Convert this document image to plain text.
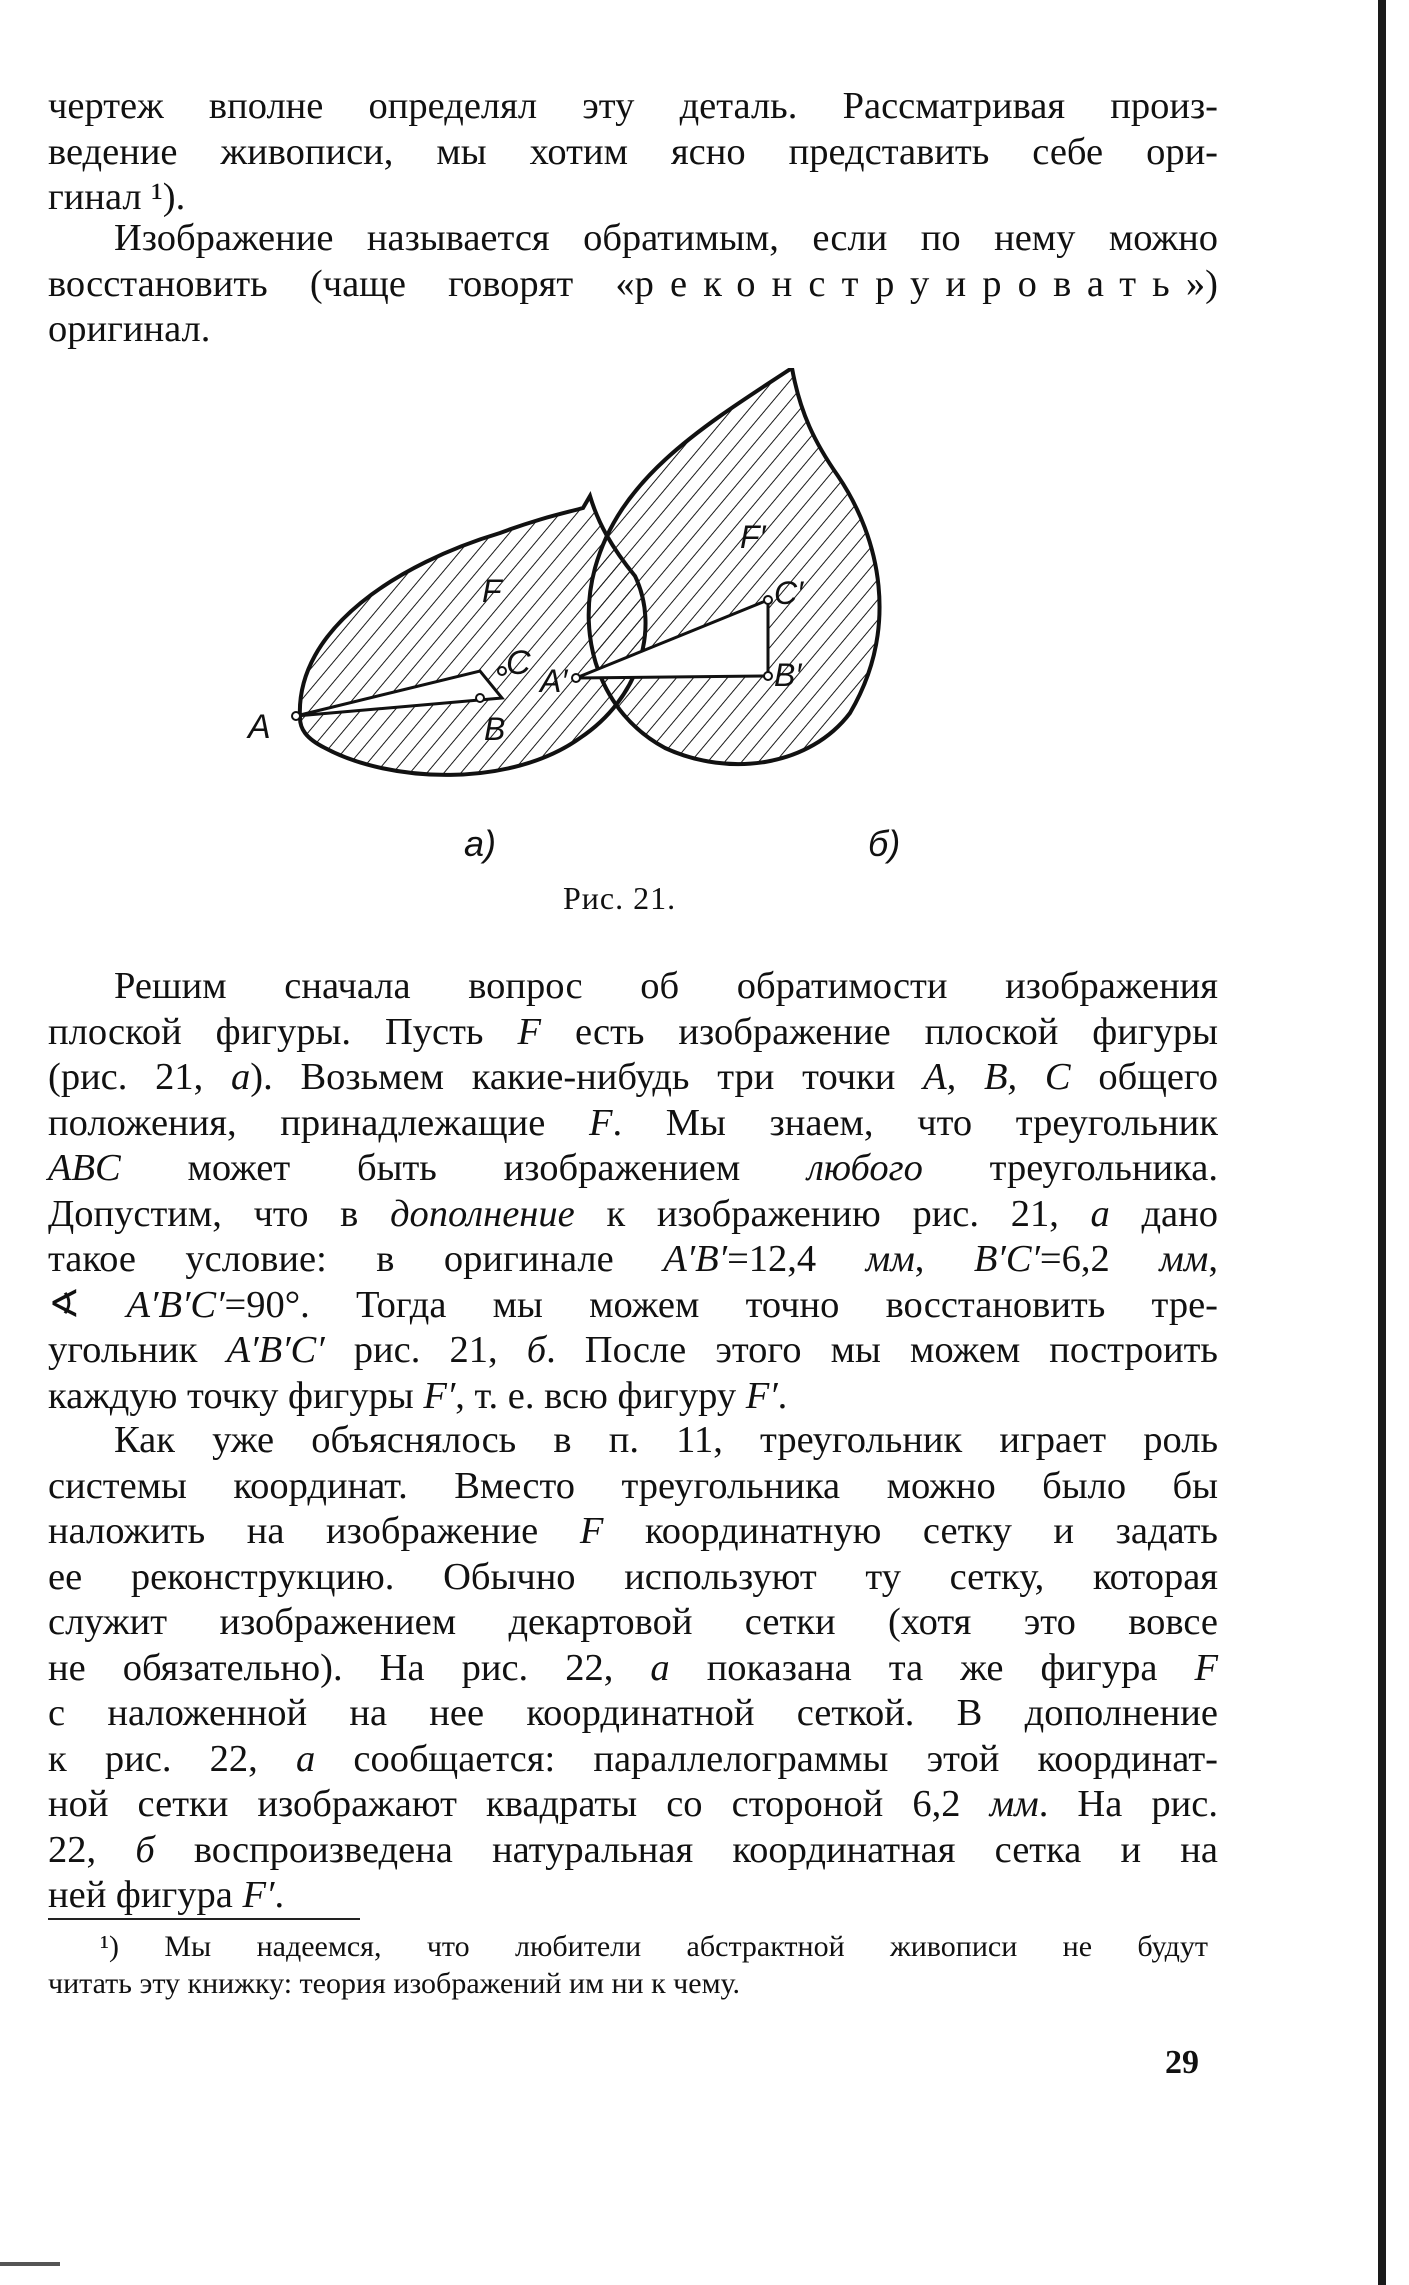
чертеж вполне определял эту деталь. Рассматривая произ-
ведение живописи, мы хотим ясно представить себе ори-
гинал ¹).
Изображение называется обратимым, если по нему можно
восстановить (чаще говорят «реконструировать»)
оригинал.
F
C
B
A
F′
C′
B′
A′
а)	б)
Рис. 21.
Решим сначала вопрос об обратимости изображения
плоской фигуры. Пусть F есть изображение плоской фигуры
(рис. 21, а). Возьмем какие-нибудь три точки A, B, C общего
положения, принадлежащие F. Мы знаем, что треугольник
ABC может быть изображением любого треугольника.
Допустим, что в дополнение к изображению рис. 21, а дано
такое условие: в оригинале A′B′=12,4 мм, B′C′=6,2 мм,
∢ A′B′C′=90°. Тогда мы можем точно восстановить тре-
угольник A′B′C′ рис. 21, б. После этого мы можем построить
каждую точку фигуры F′, т. е. всю фигуру F′.
Как уже объяснялось в п. 11, треугольник играет роль
системы координат. Вместо треугольника можно было бы
наложить на изображение F координатную сетку и задать
ее реконструкцию. Обычно используют ту сетку, которая
служит изображением декартовой сетки (хотя это вовсе
не обязательно). На рис. 22, а показана та же фигура F
с наложенной на нее координатной сеткой. В дополнение
к рис. 22, а сообщается: параллелограммы этой координат-
ной сетки изображают квадраты со стороной 6,2 мм. На рис.
22, б воспроизведена натуральная координатная сетка и на
ней фигура F′.
¹) Мы надеемся, что любители абстрактной живописи не будут
читать эту книжку: теория изображений им ни к чему.
29
